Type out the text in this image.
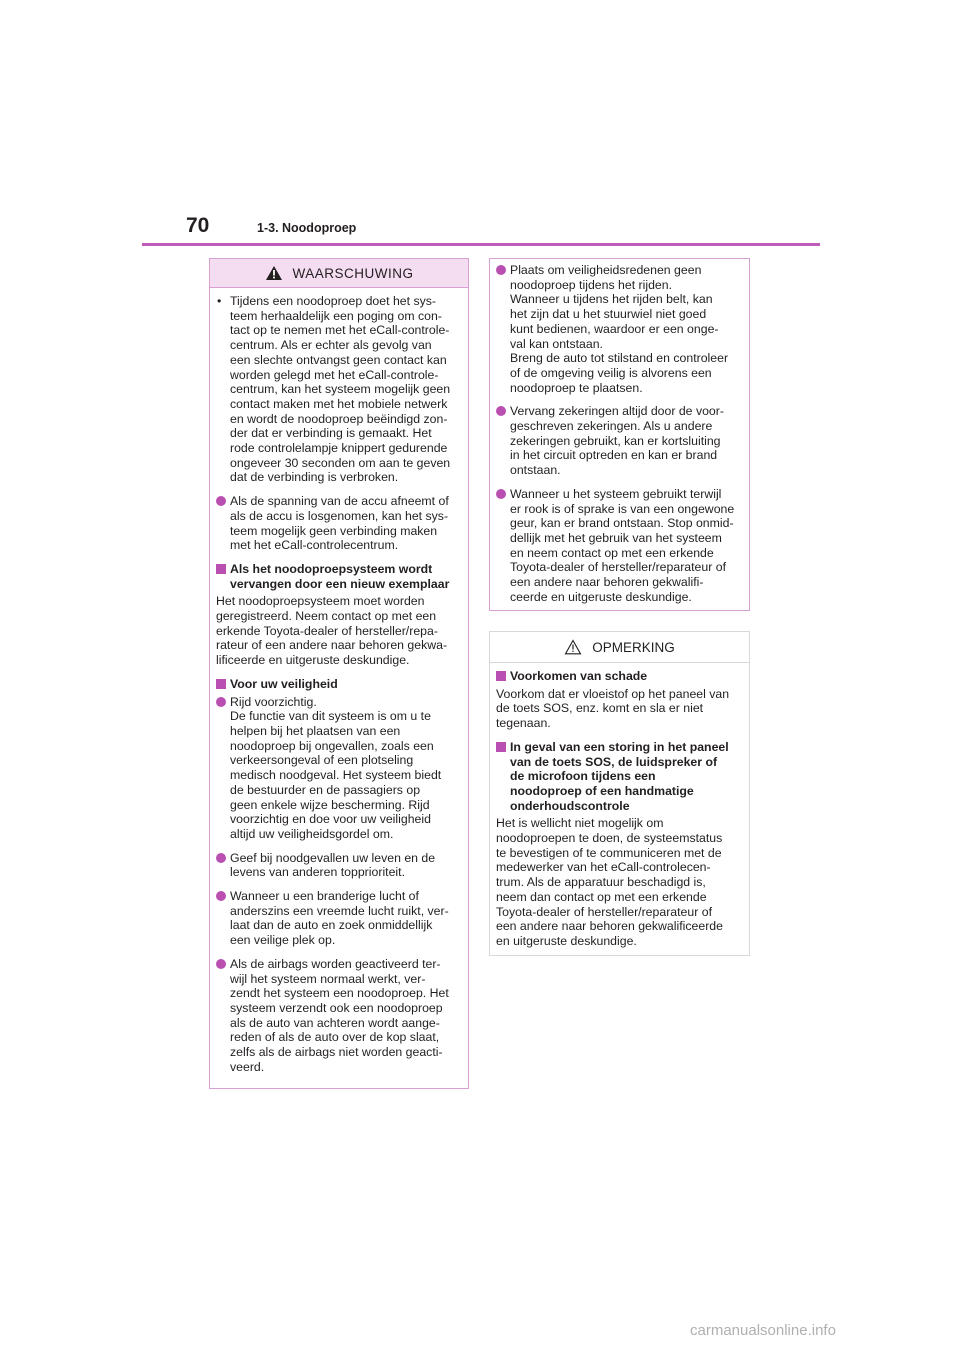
70	1-3. Noodoproep
WAARSCHUWING
• Tijdens een noodoproep doet het sys-
teem herhaaldelijk een poging om con-
tact op te nemen met het eCall-controle-
centrum. Als er echter als gevolg van
een slechte ontvangst geen contact kan
worden gelegd met het eCall-controle-
centrum, kan het systeem mogelijk geen
contact maken met het mobiele netwerk
en wordt de noodoproep beëindigd zon-
der dat er verbinding is gemaakt. Het
rode controlelampje knippert gedurende
ongeveer 30 seconden om aan te geven
dat de verbinding is verbroken.
Als de spanning van de accu afneemt of
als de accu is losgenomen, kan het sys-
teem mogelijk geen verbinding maken
met het eCall-controlecentrum.
Als het noodoproepsysteem wordt
vervangen door een nieuw exemplaar
Het noodoproepsysteem moet worden
geregistreerd. Neem contact op met een
erkende Toyota-dealer of hersteller/repa-
rateur of een andere naar behoren gekwa-
lificeerde en uitgeruste deskundige.
Voor uw veiligheid
Rijd voorzichtig.
De functie van dit systeem is om u te
helpen bij het plaatsen van een
noodoproep bij ongevallen, zoals een
verkeersongeval of een plotseling
medisch noodgeval. Het systeem biedt
de bestuurder en de passagiers op
geen enkele wijze bescherming. Rijd
voorzichtig en doe voor uw veiligheid
altijd uw veiligheidsgordel om.
Geef bij noodgevallen uw leven en de
levens van anderen topprioriteit.
Wanneer u een branderige lucht of
anderszins een vreemde lucht ruikt, ver-
laat dan de auto en zoek onmiddellijk
een veilige plek op.
Als de airbags worden geactiveerd ter-
wijl het systeem normaal werkt, ver-
zendt het systeem een noodoproep. Het
systeem verzendt ook een noodoproep
als de auto van achteren wordt aange-
reden of als de auto over de kop slaat,
zelfs als de airbags niet worden geacti-
veerd.
Plaats om veiligheidsredenen geen
noodoproep tijdens het rijden.
Wanneer u tijdens het rijden belt, kan
het zijn dat u het stuurwiel niet goed
kunt bedienen, waardoor er een onge-
val kan ontstaan.
Breng de auto tot stilstand en controleer
of de omgeving veilig is alvorens een
noodoproep te plaatsen.
Vervang zekeringen altijd door de voor-
geschreven zekeringen. Als u andere
zekeringen gebruikt, kan er kortsluiting
in het circuit optreden en kan er brand
ontstaan.
Wanneer u het systeem gebruikt terwijl
er rook is of sprake is van een ongewone
geur, kan er brand ontstaan. Stop onmid-
dellijk met het gebruik van het systeem
en neem contact op met een erkende
Toyota-dealer of hersteller/reparateur of
een andere naar behoren gekwalifi-
ceerde en uitgeruste deskundige.
OPMERKING
Voorkomen van schade
Voorkom dat er vloeistof op het paneel van
de toets SOS, enz. komt en sla er niet
tegenaan.
In geval van een storing in het paneel
van de toets SOS, de luidspreker of
de microfoon tijdens een
noodoproep of een handmatige
onderhoudscontrole
Het is wellicht niet mogelijk om
noodoproepen te doen, de systeemstatus
te bevestigen of te communiceren met de
medewerker van het eCall-controlecen-
trum. Als de apparatuur beschadigd is,
neem dan contact op met een erkende
Toyota-dealer of hersteller/reparateur of
een andere naar behoren gekwalificeerde
en uitgeruste deskundige.
carmanualsonline.info
